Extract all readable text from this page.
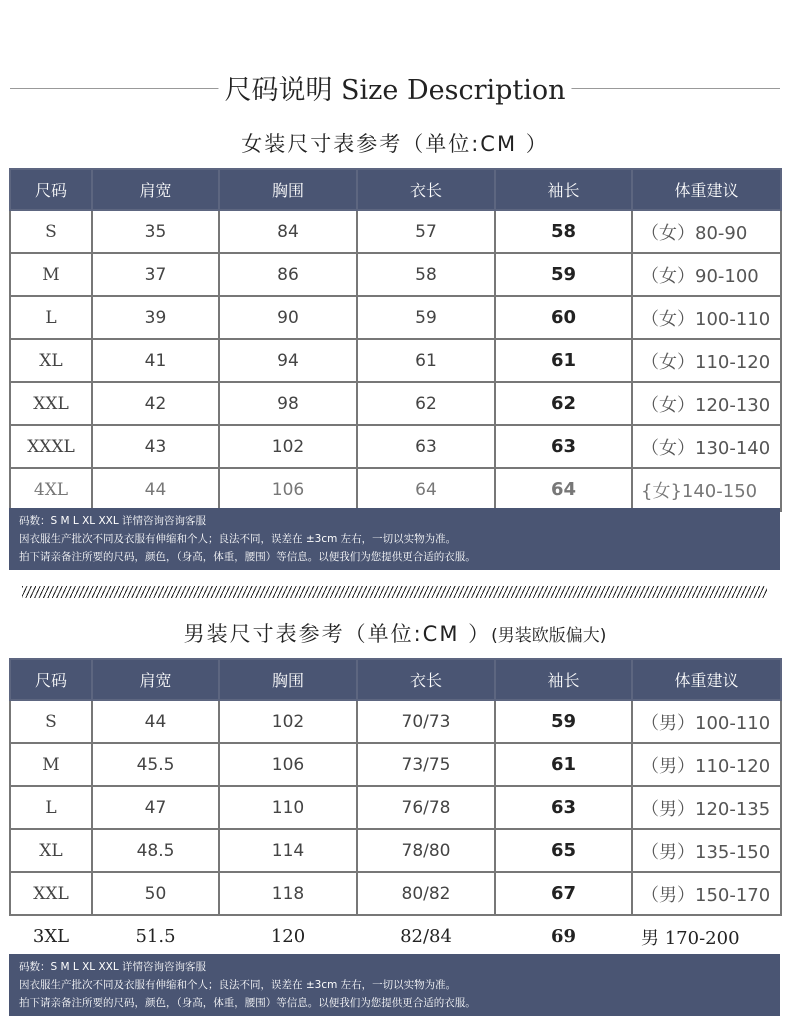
尺码说明 Size Description
女装尺寸表参考（单位:CM ）
尺码	肩宽	胸围	衣长	袖长	体重建议
S	35	84	57	58	（女）80-90
M	37	86	58	59	（女）90-100
L	39	90	59	60	（女）100-110
XL	41	94	61	61	（女）110-120
XXL	42	98	62	62	（女）120-130
XXXL	43	102	63	63	（女）130-140
4XL	44	106	64	64	{女}140-150
码数：S M L XL XXL 详情咨询咨询客服
因衣服生产批次不同及衣服有伸缩和个人；良法不同，误差在 ±3cm 左右，一切以实物为准。
拍下请亲备注所要的尺码，颜色，（身高，体重，腰围）等信息。以便我们为您提供更合适的衣服。
男装尺寸表参考（单位:CM ）(男装欧版偏大)
尺码	肩宽	胸围	衣长	袖长	体重建议
S	44	102	70/73	59	（男）100-110
M	45.5	106	73/75	61	（男）110-120
L	47	110	76/78	63	（男）120-135
XL	48.5	114	78/80	65	（男）135-150
XXL	50	118	80/82	67	（男）150-170
3XL	51.5	120	82/84	69	男 170-200
码数：S M L XL XXL 详情咨询咨询客服
因衣服生产批次不同及衣服有伸缩和个人；良法不同，误差在 ±3cm 左右，一切以实物为准。
拍下请亲备注所要的尺码，颜色，（身高，体重，腰围）等信息。以便我们为您提供更合适的衣服。
